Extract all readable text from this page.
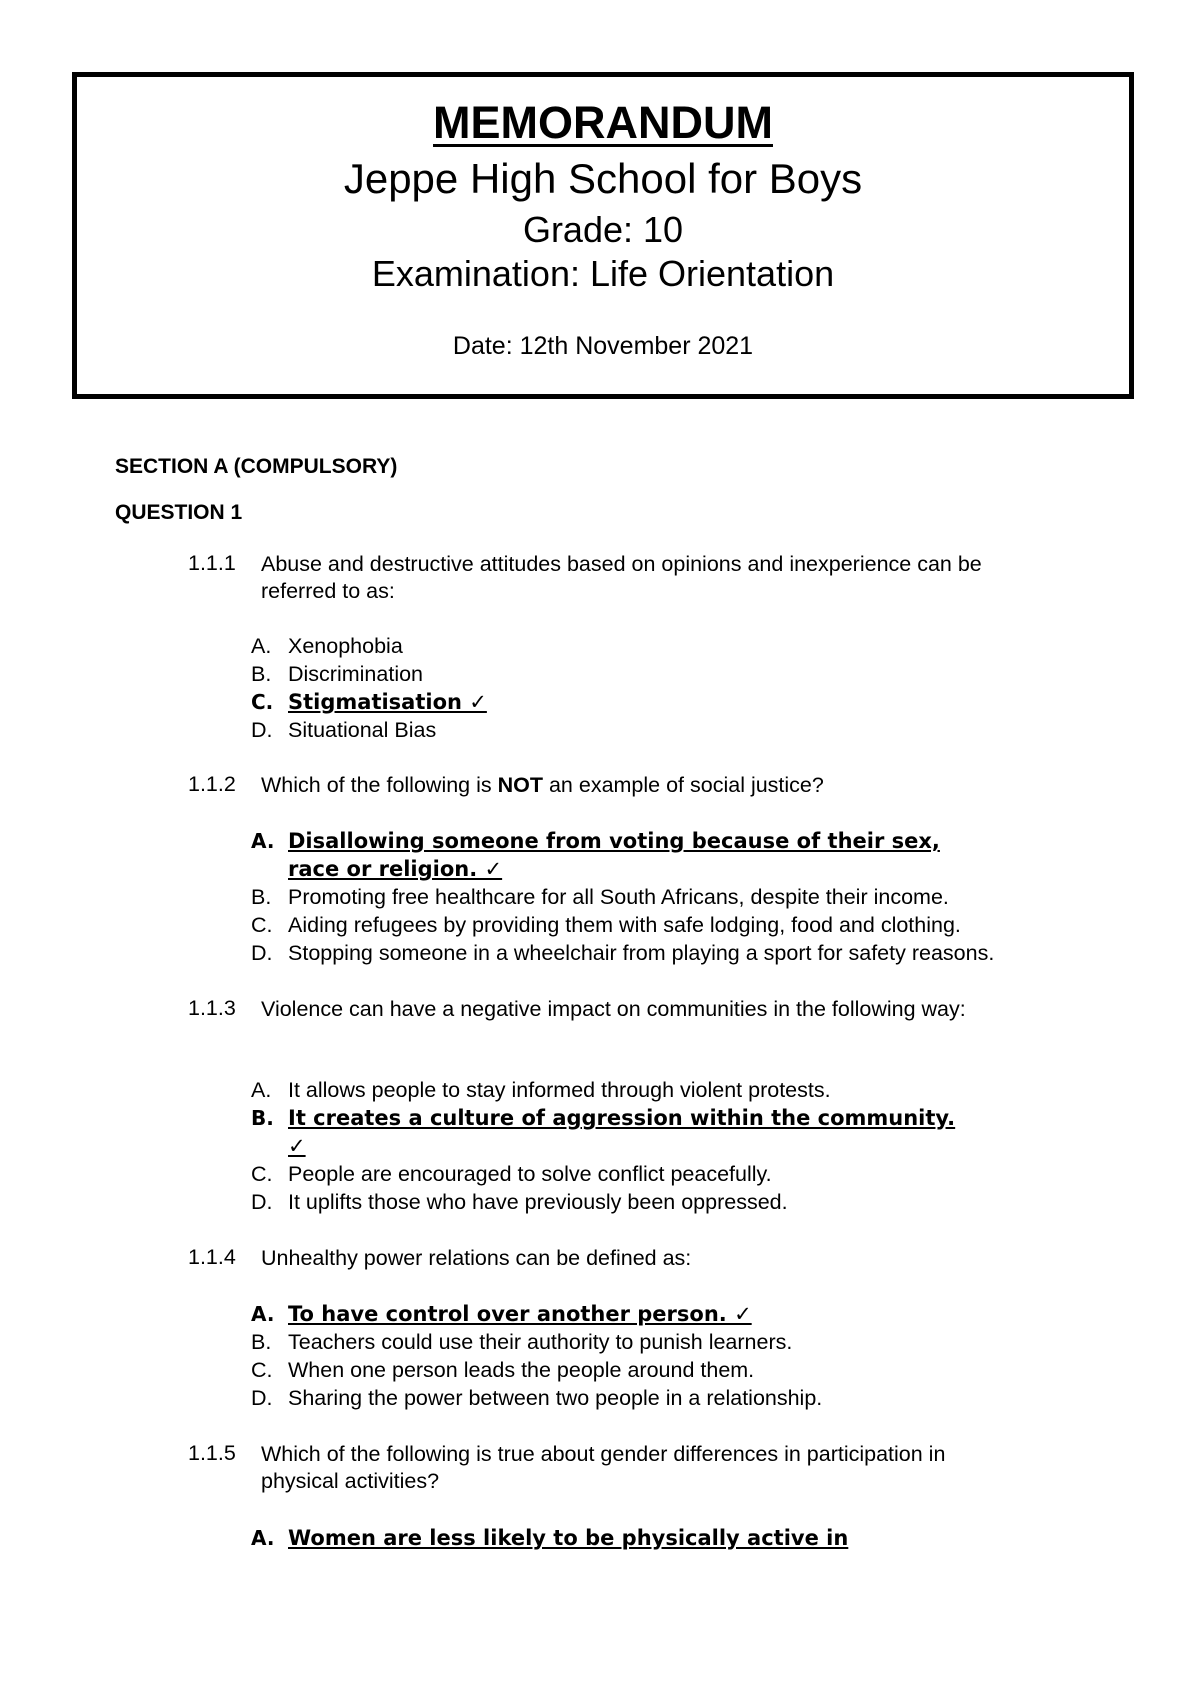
MEMORANDUM
Jeppe High School for Boys
Grade: 10
Examination: Life Orientation
Date: 12th November 2021
SECTION A (COMPULSORY)
QUESTION 1
1.1.1 Abuse and destructive attitudes based on opinions and inexperience can be referred to as:
A. Xenophobia
B. Discrimination
C. Stigmatisation ✓
D. Situational Bias
1.1.2 Which of the following is NOT an example of social justice?
A. Disallowing someone from voting because of their sex,
race or religion. ✓
B. Promoting free healthcare for all South Africans, despite their income.
C. Aiding refugees by providing them with safe lodging, food and clothing.
D. Stopping someone in a wheelchair from playing a sport for safety reasons.
1.1.3 Violence can have a negative impact on communities in the following way:
A. It allows people to stay informed through violent protests.
B. It creates a culture of aggression within the community.
✓
C. People are encouraged to solve conflict peacefully.
D. It uplifts those who have previously been oppressed.
1.1.4 Unhealthy power relations can be defined as:
A. To have control over another person. ✓
B. Teachers could use their authority to punish learners.
C. When one person leads the people around them.
D. Sharing the power between two people in a relationship.
1.1.5 Which of the following is true about gender differences in participation in physical activities?
A. Women are less likely to be physically active in
